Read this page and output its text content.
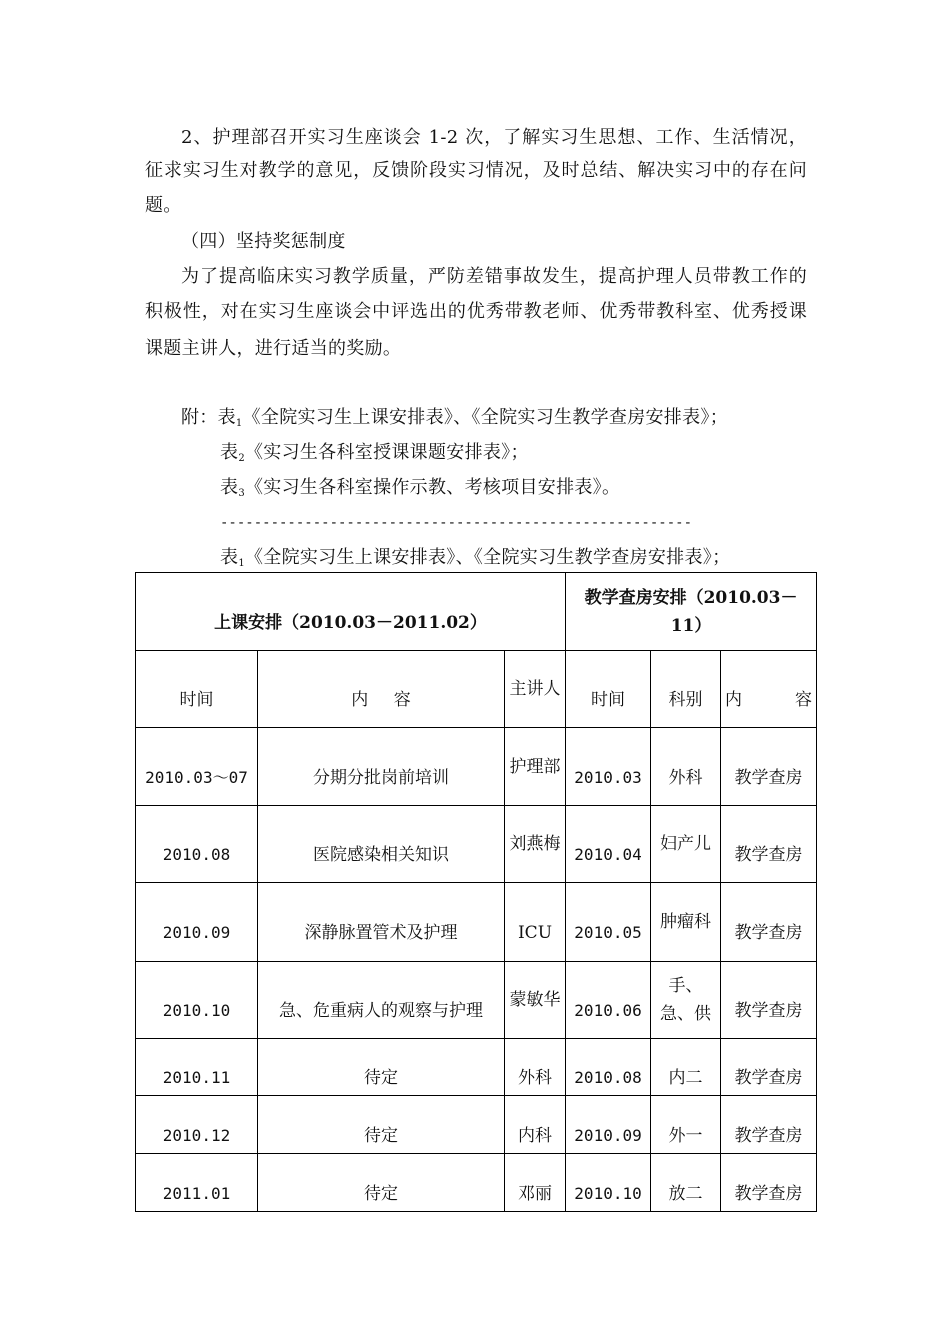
2、护理部召开实习生座谈会 1-2 次，了解实习生思想、工作、生活情况，
征求实习生对教学的意见，反馈阶段实习情况，及时总结、解决实习中的存在问
题。
（四）坚持奖惩制度
为了提高临床实习教学质量，严防差错事故发生，提高护理人员带教工作的
积极性，对在实习生座谈会中评选出的优秀带教老师、优秀带教科室、优秀授课
课题主讲人，进行适当的奖励。
附：表$_1$《全院实习生上课安排表》、《全院实习生教学查房安排表》；
表$_2$《实习生各科室授课课题安排表》；
表$_3$《实习生各科室操作示教、考核项目安排表》。
--------------------------------------------------------
表$_1$《全院实习生上课安排表》、《全院实习生教学查房安排表》；
上课安排（2010.03－2011.02）			教学查房安排（2010.03－11）		
时间	内   容	主讲人	时间	科别	内 容

2010.03～07	分期分批岗前培训	护理部	2010.03	外科	教学查房
2010.08	医院感染相关知识	刘燕梅	2010.04	妇产儿	教学查房
2010.09	深静脉置管术及护理	ICU	2010.05	肿瘤科	教学查房
2010.10	急、危重病人的观察与护理	蒙敏华	2010.06	手、急、供	教学查房
2010.11	待定	外科	2010.08	内二	教学查房
2010.12	待定	内科	2010.09	外一	教学查房
2011.01	待定	邓丽	2010.10	放二	教学查房
